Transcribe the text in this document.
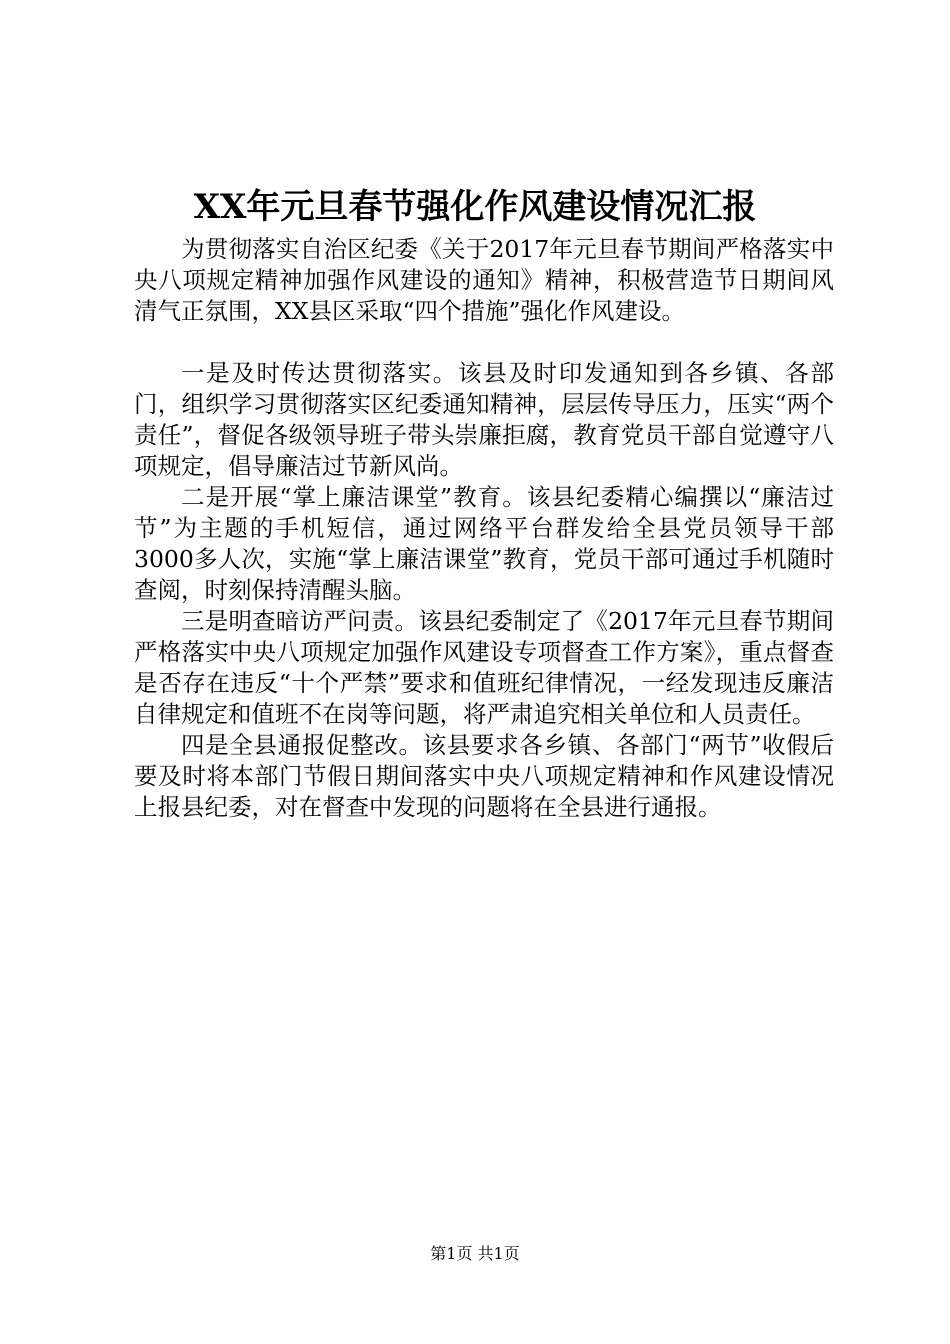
XX年元旦春节强化作风建设情况汇报

为贯彻落实自治区纪委《关于2017年元旦春节期间严格落实中央八项规定精神加强作风建设的通知》精神，积极营造节日期间风清气正氛围，XX县区采取“四个措施”强化作风建设。

一是及时传达贯彻落实。该县及时印发通知到各乡镇、各部门，组织学习贯彻落实区纪委通知精神，层层传导压力，压实“两个责任”，督促各级领导班子带头崇廉拒腐，教育党员干部自觉遵守八项规定，倡导廉洁过节新风尚。

二是开展“掌上廉洁课堂”教育。该县纪委精心编撰以“廉洁过节”为主题的手机短信，通过网络平台群发给全县党员领导干部3000多人次，实施“掌上廉洁课堂”教育，党员干部可通过手机随时查阅，时刻保持清醒头脑。

三是明查暗访严问责。该县纪委制定了《2017年元旦春节期间严格落实中央八项规定加强作风建设专项督查工作方案》，重点督查是否存在违反“十个严禁”要求和值班纪律情况，一经发现违反廉洁自律规定和值班不在岗等问题，将严肃追究相关单位和人员责任。

四是全县通报促整改。该县要求各乡镇、各部门“两节”收假后要及时将本部门节假日期间落实中央八项规定精神和作风建设情况上报县纪委，对在督查中发现的问题将在全县进行通报。

第1页 共1页
